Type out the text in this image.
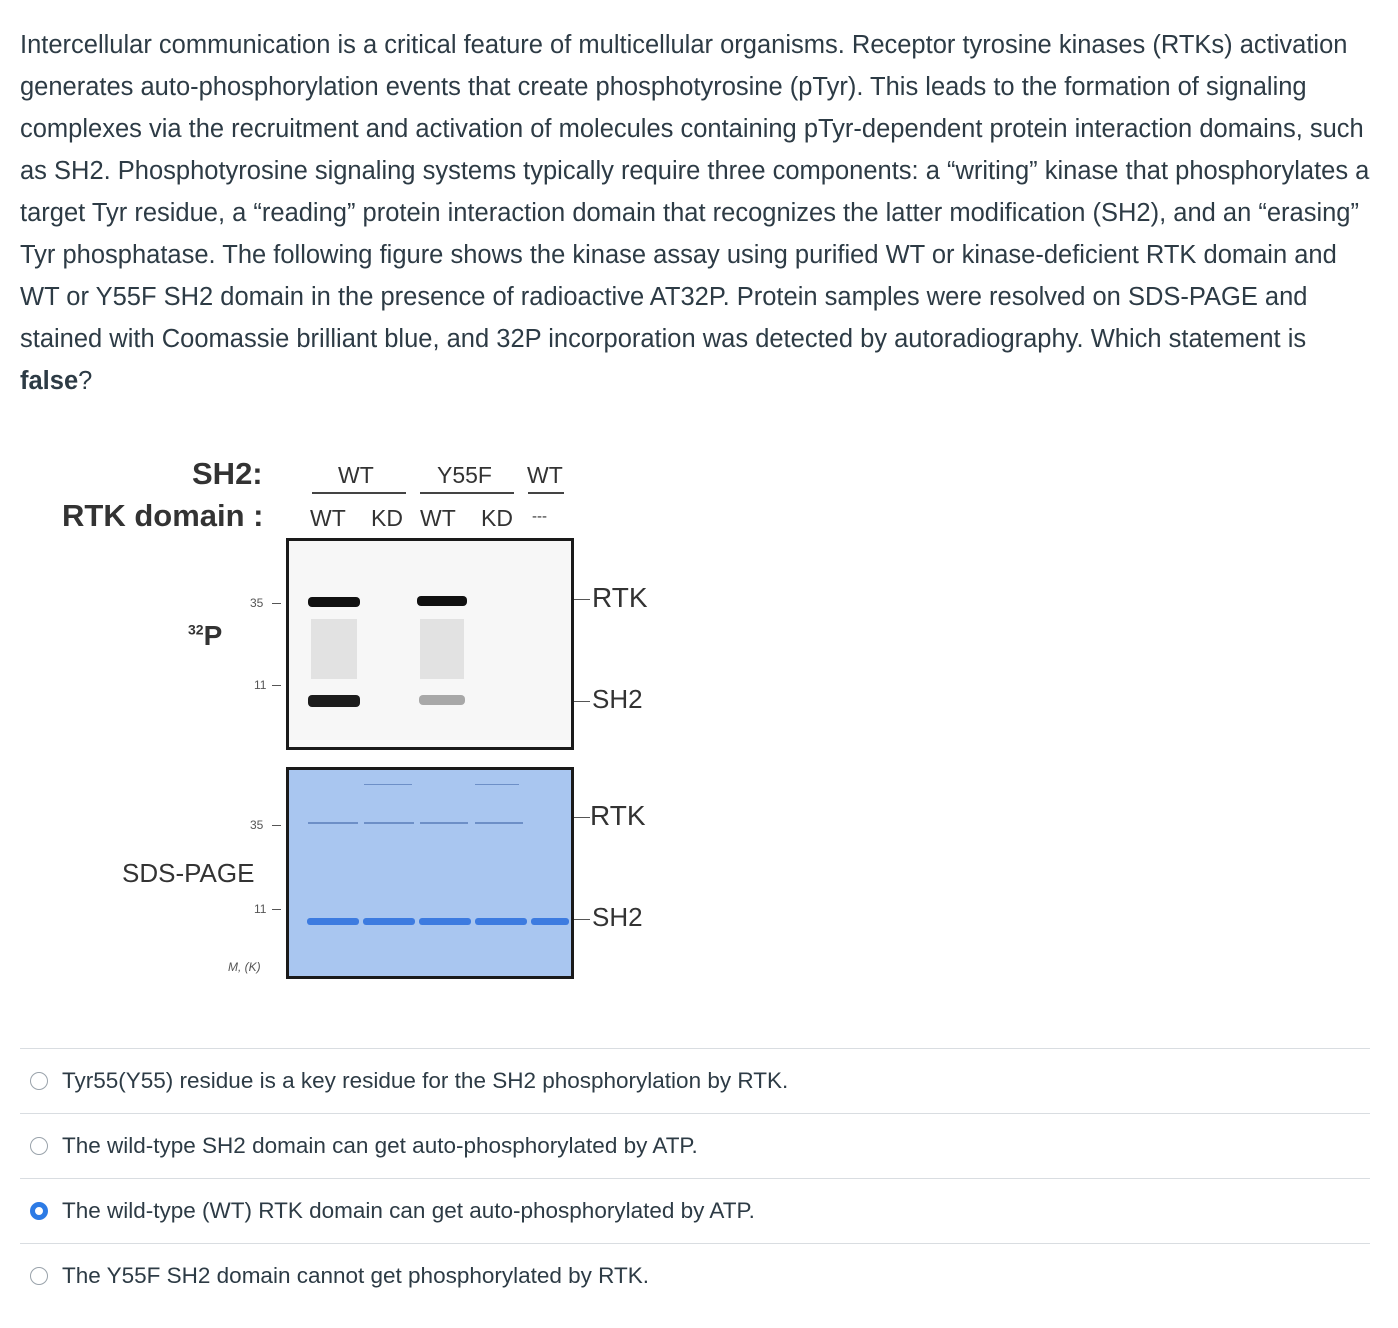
Intercellular communication is a critical feature of multicellular organisms. Receptor tyrosine kinases (RTKs) activation generates auto-phosphorylation events that create phosphotyrosine (pTyr). This leads to the formation of signaling complexes via the recruitment and activation of molecules containing pTyr-dependent protein interaction domains, such as SH2. Phosphotyrosine signaling systems typically require three components: a “writing” kinase that phosphorylates a target Tyr residue, a “reading” protein interaction domain that recognizes the latter modification (SH2), and an “erasing” Tyr phosphatase. The following figure shows the kinase assay using purified WT or kinase-deficient RTK domain and WT or Y55F SH2 domain in the presence of radioactive AT32P. Protein samples were resolved on SDS-PAGE and stained with Coomassie brilliant blue, and 32P incorporation was detected by autoradiography. Which statement is false?

SH2:
RTK domain :
WT	Y55F WT
WT KD WT KD ---
$^{32}$P
SDS-PAGE
35
11
35
11
M, (K)
RTK
SH2
RTK
SH2
Tyr55(Y55) residue is a key residue for the SH2 phosphorylation by RTK.
The wild-type SH2 domain can get auto-phosphorylated by ATP.
The wild-type (WT) RTK domain can get auto-phosphorylated by ATP.
The Y55F SH2 domain cannot get phosphorylated by RTK.
